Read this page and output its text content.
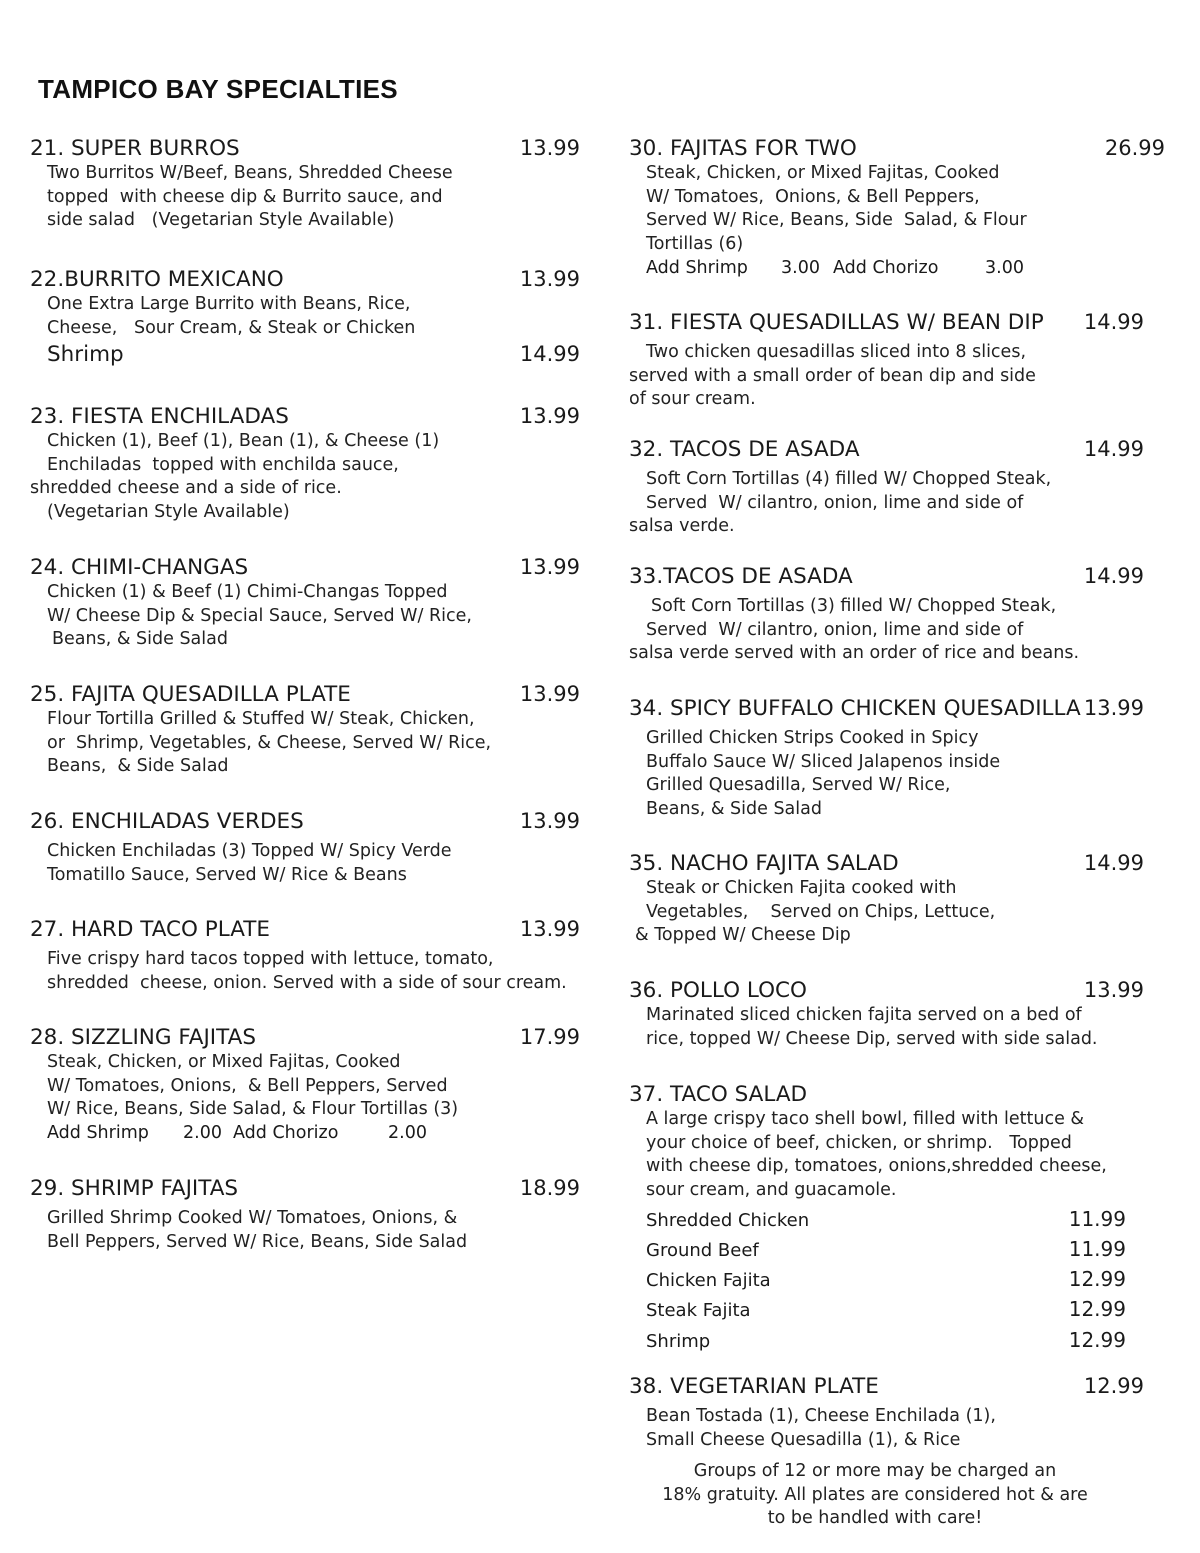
TAMPICO BAY SPECIALTIES
21. SUPER BURROS	13.99
Two Burritos W/Beef, Beans, Shredded Cheese
topped  with cheese dip & Burrito sauce, and
side salad   (Vegetarian Style Available)
22.BURRITO MEXICANO	13.99
One Extra Large Burrito with Beans, Rice,
Cheese,   Sour Cream, & Steak or Chicken
Shrimp	14.99
23. FIESTA ENCHILADAS	13.99
Chicken (1), Beef (1), Bean (1), & Cheese (1)
Enchiladas  topped with enchilda sauce,
shredded cheese and a side of rice.
(Vegetarian Style Available)
24. CHIMI-CHANGAS	13.99
Chicken (1) & Beef (1) Chimi-Changas Topped
W/ Cheese Dip & Special Sauce, Served W/ Rice,
Beans, & Side Salad
25. FAJITA QUESADILLA PLATE	13.99
Flour Tortilla Grilled & Stuffed W/ Steak, Chicken,
or  Shrimp, Vegetables, & Cheese, Served W/ Rice,
Beans,  & Side Salad
26. ENCHILADAS VERDES	13.99
Chicken Enchiladas (3) Topped W/ Spicy Verde
Tomatillo Sauce, Served W/ Rice & Beans
27. HARD TACO PLATE	13.99
Five crispy hard tacos topped with lettuce, tomato,
shredded  cheese, onion. Served with a side of sour cream.
28. SIZZLING FAJITAS	17.99
Steak, Chicken, or Mixed Fajitas, Cooked
W/ Tomatoes, Onions,  & Bell Peppers, Served
W/ Rice, Beans, Side Salad, & Flour Tortillas (3)
Add Shrimp	2.00 Add Chorizo	2.00
29. SHRIMP FAJITAS	18.99
Grilled Shrimp Cooked W/ Tomatoes, Onions, &
Bell Peppers, Served W/ Rice, Beans, Side Salad
30. FAJITAS FOR TWO	26.99
Steak, Chicken, or Mixed Fajitas, Cooked
W/ Tomatoes,  Onions, & Bell Peppers,
Served W/ Rice, Beans, Side  Salad, & Flour
Tortillas (6)
Add Shrimp	3.00 Add Chorizo	3.00
31. FIESTA QUESADILLAS W/ BEAN DIP 14.99
Two chicken quesadillas sliced into 8 slices,
served with a small order of bean dip and side
of sour cream.
32. TACOS DE ASADA	14.99
Soft Corn Tortillas (4) filled W/ Chopped Steak,
Served  W/ cilantro, onion, lime and side of
salsa verde.
33.TACOS DE ASADA	14.99
Soft Corn Tortillas (3) filled W/ Chopped Steak,
Served  W/ cilantro, onion, lime and side of
salsa verde served with an order of rice and beans.
34. SPICY BUFFALO CHICKEN QUESADILLA 13.99
Grilled Chicken Strips Cooked in Spicy
Buffalo Sauce W/ Sliced Jalapenos inside
Grilled Quesadilla, Served W/ Rice,
Beans, & Side Salad
35. NACHO FAJITA SALAD	14.99
Steak or Chicken Fajita cooked with
Vegetables,    Served on Chips, Lettuce,
& Topped W/ Cheese Dip
36. POLLO LOCO	13.99
Marinated sliced chicken fajita served on a bed of
rice, topped W/ Cheese Dip, served with side salad.
37. TACO SALAD
A large crispy taco shell bowl, filled with lettuce &
your choice of beef, chicken, or shrimp.   Topped
with cheese dip, tomatoes, onions,shredded cheese,
sour cream, and guacamole.
Shredded Chicken	11.99
Ground Beef	11.99
Chicken Fajita	12.99
Steak Fajita	12.99
Shrimp	12.99
38. VEGETARIAN PLATE	12.99
Bean Tostada (1), Cheese Enchilada (1),
Small Cheese Quesadilla (1), & Rice
Groups of 12 or more may be charged an
18% gratuity. All plates are considered hot & are
to be handled with care!
